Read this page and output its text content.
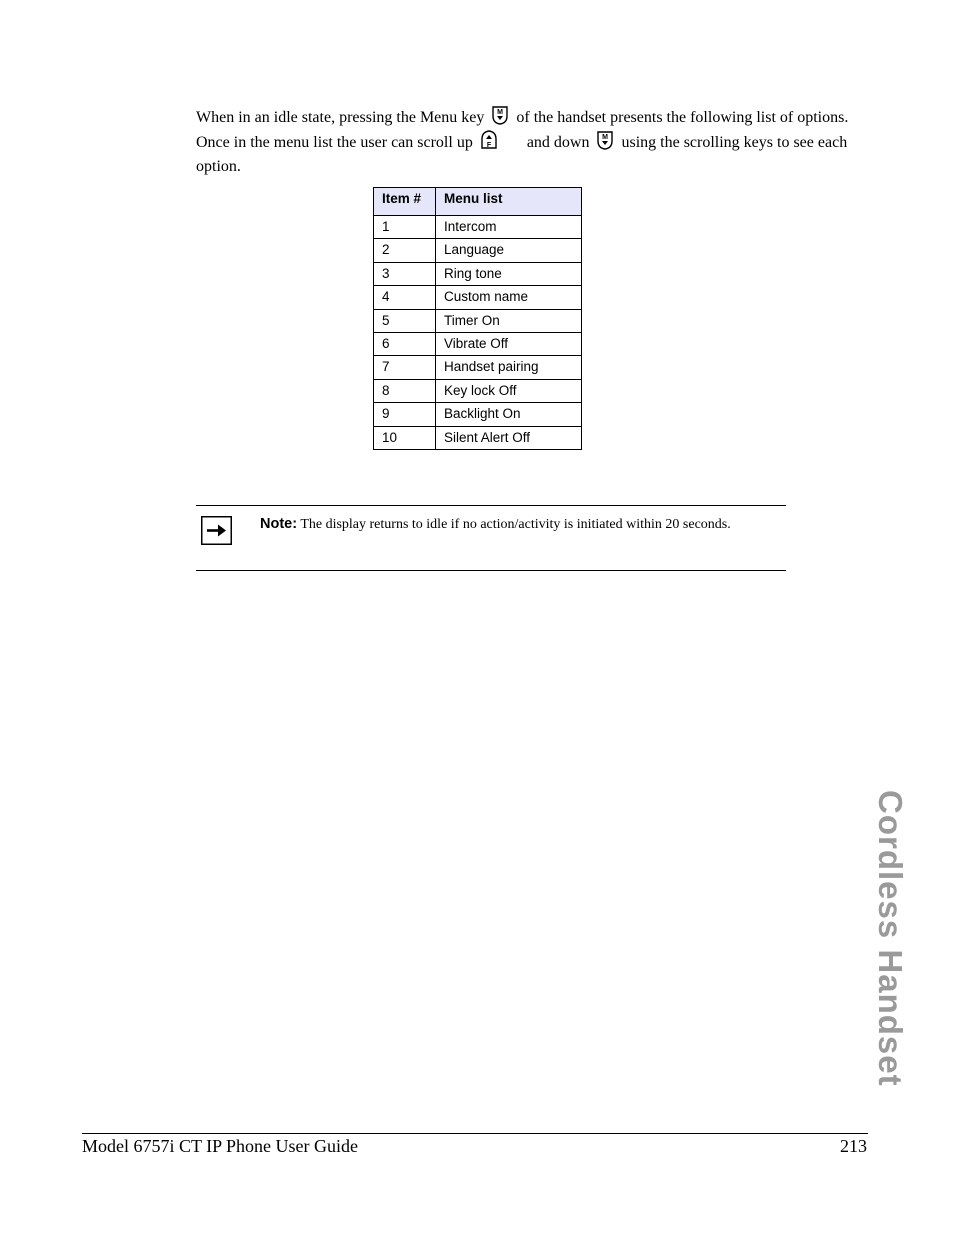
When in an idle state, pressing the Menu key M of the handset presents the following list of options. Once in the menu list the user can scroll up F and down M using the scrolling keys to see each option.
Item #	Menu list
1	Intercom
2	Language
3	Ring tone
4	Custom name
5	Timer On
6	Vibrate Off
7	Handset pairing
8	Key lock Off
9	Backlight On
10	Silent Alert Off
Note: The display returns to idle if no action/activity is initiated within 20 seconds.
Cordless Handset
Model 6757i CT IP Phone User Guide	213
